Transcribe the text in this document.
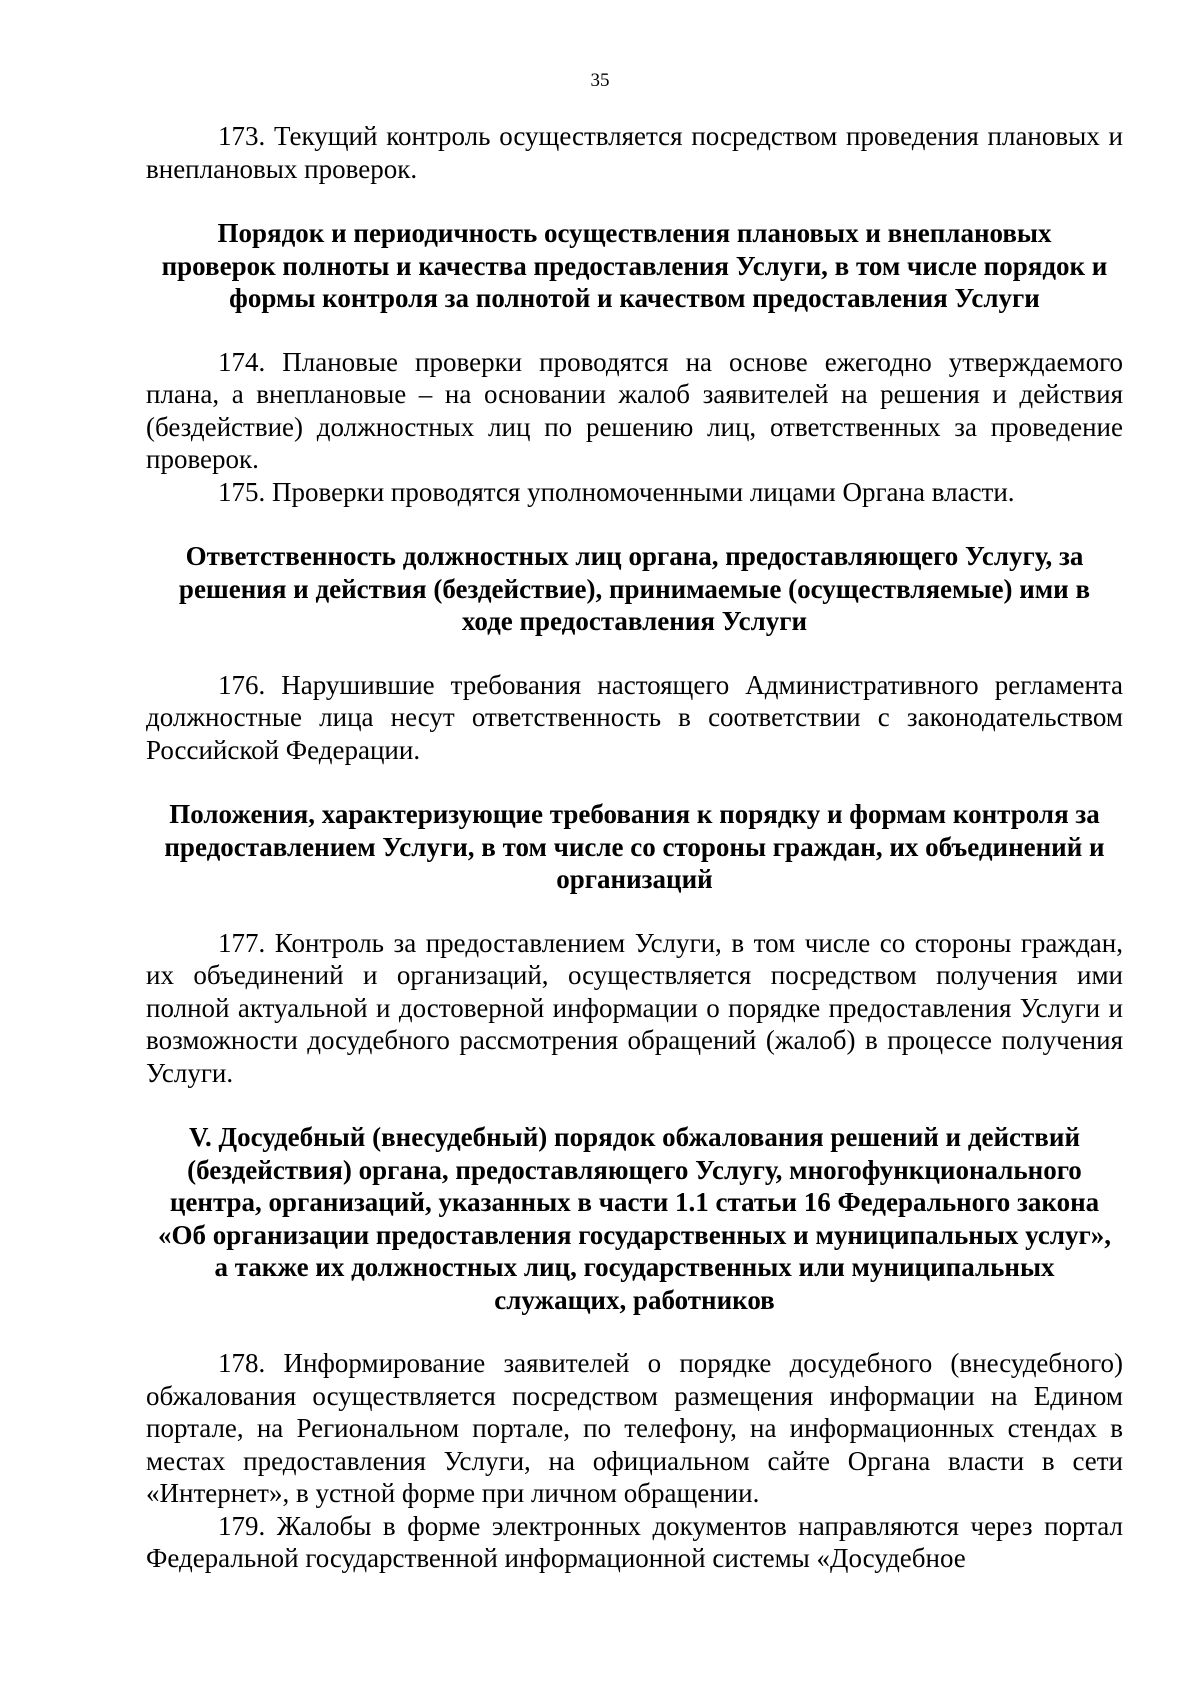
35

173. Текущий контроль осуществляется посредством проведения плановых и внеплановых проверок.

Порядок и периодичность осуществления плановых и внеплановых проверок полноты и качества предоставления Услуги, в том числе порядок и формы контроля за полнотой и качеством предоставления Услуги

174. Плановые проверки проводятся на основе ежегодно утверждаемого плана, а внеплановые – на основании жалоб заявителей на решения и действия (бездействие) должностных лиц по решению лиц, ответственных за проведение проверок.

175. Проверки проводятся уполномоченными лицами Органа власти.

Ответственность должностных лиц органа, предоставляющего Услугу, за решения и действия (бездействие), принимаемые (осуществляемые) ими в ходе предоставления Услуги

176. Нарушившие требования настоящего Административного регламента должностные лица несут ответственность в соответствии с законодательством Российской Федерации.

Положения, характеризующие требования к порядку и формам контроля за предоставлением Услуги, в том числе со стороны граждан, их объединений и организаций

177. Контроль за предоставлением Услуги, в том числе со стороны граждан, их объединений и организаций, осуществляется посредством получения ими полной актуальной и достоверной информации о порядке предоставления Услуги и возможности досудебного рассмотрения обращений (жалоб) в процессе получения Услуги.

V. Досудебный (внесудебный) порядок обжалования решений и действий (бездействия) органа, предоставляющего Услугу, многофункционального центра, организаций, указанных в части 1.1 статьи 16 Федерального закона «Об организации предоставления государственных и муниципальных услуг», а также их должностных лиц, государственных или муниципальных служащих, работников

178. Информирование заявителей о порядке досудебного (внесудебного) обжалования осуществляется посредством размещения информации на Едином портале, на Региональном портале, по телефону, на информационных стендах в местах предоставления Услуги, на официальном сайте Органа власти в сети «Интернет», в устной форме при личном обращении.

179. Жалобы в форме электронных документов направляются через портал Федеральной государственной информационной системы «Досудебное
